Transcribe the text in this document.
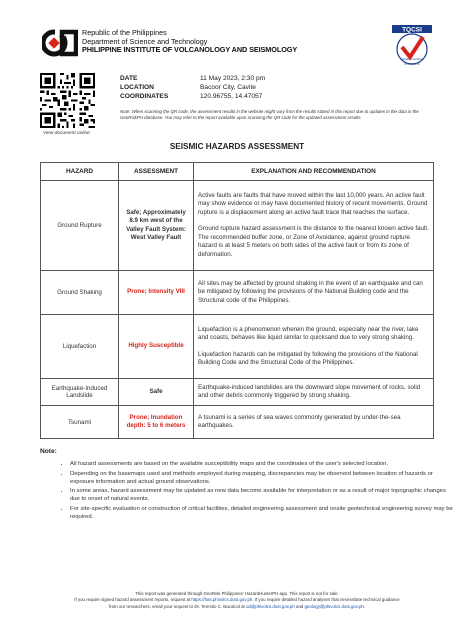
Republic of the Philippines
Department of Science and Technology
PHILIPPINE INSTITUTE OF VOLCANOLOGY AND SEISMOLOGY
TQCSI
Quality Certified
PHIVOLCS
View document online
DATE	11 May 2023, 2:30 pm
LOCATION	Bacoor City, Cavite
COORDINATES	120.96755, 14.47057
Note: When scanning the QR code, the assessment results in the website might vary from the results stated in this report due to updates in the data in the GeoRiskPH database. You may refer to the report available upon scanning the QR code for the updated assessment results
SEISMIC HAZARDS ASSESSMENT
HAZARD	ASSESSMENT	EXPLANATION AND RECOMMENDATION
Ground Rupture	Safe; Approximately 8.9 km west of the Valley Fault System: West Valley Fault	Active faults are faults that have moved within the last 10,000 years. An active fault may show evidence or may have documented history of recent movements. Ground rupture is a displacement along an active fault trace that reaches the surface.

Ground rupture hazard assessment is the distance to the nearest known active fault. The recommended buffer zone, or Zone of Avoidance, against ground rupture hazard is at least 5 meters on both sides of the active fault or from its zone of deformation.

Ground Shaking	Prone; Intensity VIII	All sites may be affected by ground shaking in the event of an earthquake and can be mitigated by following the provisions of the National Building code and the Structural code of the Philippines.

Liquefaction	Highly Susceptible	Liquefaction is a phenomenon wherein the ground, especially near the river, lake and coasts, behaves like liquid similar to quicksand due to very strong shaking.

Liquefaction hazards can be mitigated by following the provisions of the National Building Code and the Structural Code of the Philippines.

Earthquake-Induced Landslide	Safe	Earthquake-induced landslides are the downward slope movement of rocks, solid and other debris commonly triggered by strong shaking.

Tsunami	Prone; Inundation depth: 5 to 6 meters	A tsunami is a series of sea waves commonly generated by under-the-sea earthquakes.

Note:
• All hazard assessments are based on the available susceptibility maps and the coordinates of the user's selected location.
• Depending on the basemaps used and methods employed during mapping, discrepancies may be observed between location of hazards or exposure information and actual ground observations.
• In some areas, hazard assessment may be updated as new data become available for interpretation or as a result of major topographic changes due to onset of natural events.
• For site-specific evaluation or construction of critical facilities, detailed engineering assessment and onsite geotechnical engineering survey may be required.
This report was generated through GeoRisk Philippines' HazardHunterPH app. This report is not for sale.
If you require signed hazard assessment reports, request at https://has.phivolcs.dost.gov.ph. If you require detailed hazard analyses that necessitate technical guidance
from our researchers, email your request to Dr. Teresito C. Bacolcol at od@phivolcs.dost.gov.ph and geology@phivolcs.dost.gov.ph.
